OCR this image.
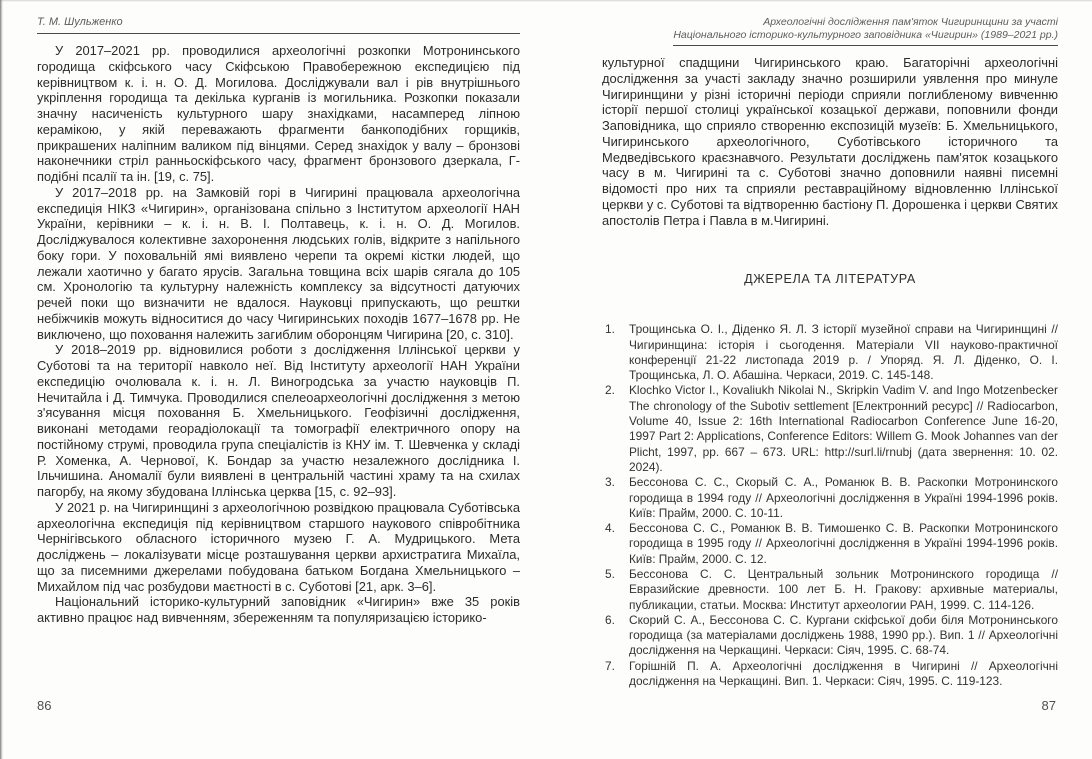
Т. М. Шульженко

У 2017–2021 рр. проводилися археологічні розкопки Мотронинського городища скіфського часу Скіфською Правобережною експедицією під керівництвом к. і. н. О. Д. Могилова. Досліджували вал і рів внутрішнього укріплення городища та декілька курганів із могильника. Розкопки показали значну насиченість культурного шару знахідками, насамперед ліпною керамікою, у якій переважають фрагменти банкоподібних горщиків, прикрашених наліпним валиком під вінцями. Серед знахідок у валу – бронзові наконечники стріл ранньоскіфського часу, фрагмент бронзового дзеркала, Г-подібні псалії та ін. [19, с. 75].

У 2017–2018 рр. на Замковій горі в Чигирині працювала археологічна експедиція НІКЗ «Чигирин», організована спільно з Інститутом археології НАН України, керівники – к. і. н. В. І. Полтавець, к. і. н. О. Д. Могилов. Досліджувалося колективне захоронення людських голів, відкрите з напільного боку гори. У поховальній ямі виявлено черепи та окремі кістки людей, що лежали хаотично у багато ярусів. Загальна товщина всіх шарів сягала до 105 см. Хронологію та культурну належність комплексу за відсутності датуючих речей поки що визначити не вдалося. Науковці припускають, що рештки небіжчиків можуть відноситися до часу Чигиринських походів 1677–1678 рр. Не виключено, що поховання належить загиблим оборонцям Чигирина [20, с. 310].

У 2018–2019 рр. відновилися роботи з дослідження Іллінської церкви у Суботові та на території навколо неї. Від Інституту археології НАН України експедицію очолювала к. і. н. Л. Виногродська за участю науковців П. Нечитайла і Д. Тимчука. Проводилися спелеоархеологічні дослідження з метою з'ясування місця поховання Б. Хмельницького. Геофізичні дослідження, виконані методами георадіолокації та томографії електричного опору на постійному струмі, проводила група спеціалістів із КНУ ім. Т. Шевченка у складі Р. Хоменка, А. Чернової, К. Бондар за участю незалежного дослідника І. Ільчишина. Аномалії були виявлені в центральній частині храму та на схилах пагорбу, на якому збудована Іллінська церква [15, с. 92–93].

У 2021 р. на Чигиринщині з археологічною розвідкою працювала Суботівська археологічна експедиція під керівництвом старшого наукового співробітника Чернігівського обласного історичного музею Г. А. Мудрицького. Мета досліджень – локалізувати місце розташування церкви архистратига Михаїла, що за писемними джерелами побудована батьком Богдана Хмельницького – Михайлом під час розбудови маєтності в с. Суботові [21, арк. 3–6].

Національний історико-культурний заповідник «Чигирин» вже 35 років активно працює над вивченням, збереженням та популяризацією історико-

86
Археологічні дослідження пам'яток Чигиринщини за участі
Національного історико-культурного заповідника «Чигирин» (1989–2021 рр.)

культурної спадщини Чигиринського краю. Багаторічні археологічні дослідження за участі закладу значно розширили уявлення про минуле Чигиринщини у різні історичні періоди сприяли поглибленому вивченню історії першої столиці української козацької держави, поповнили фонди Заповідника, що сприяло створенню експозицій музеїв: Б. Хмельницького, Чигиринського археологічного, Суботівського історичного та Медведівського краєзнавчого. Результати досліджень пам'яток козацького часу в м. Чигирині та с. Суботові значно доповнили наявні писемні відомості про них та сприяли реставраційному відновленню Іллінської церкви у с. Суботові та відтворенню бастіону П. Дорошенка і церкви Святих апостолів Петра і Павла в м.Чигирині.

ДЖЕРЕЛА ТА ЛІТЕРАТУРА
1.	Трощинська О. І., Діденко Я. Л. З історії музейної справи на Чигиринщині // Чигиринщина: історія і сьогодення. Матеріали VII науково-практичної конференції 21-22 листопада 2019 р. / Упоряд. Я. Л. Діденко, О. І. Трощинська, Л. О. Абашіна. Черкаси, 2019. С. 145-148.
2.	Klochko Victor I., Kovaliukh Nikolai N., Skripkin Vadim V. and Ingo Motzenbecker The chronology of the Subotiv settlement [Електронний ресурс] // Radiocarbon, Volume 40, Issue 2: 16th International Radiocarbon Conference June 16-20, 1997 Part 2: Applications, Conference Editors: Willem G. Mook Johannes van der Plicht, 1997, pp. 667 – 673. URL: http://surl.li/rnubj (дата звернення: 10. 02. 2024).
3.	Бессонова С. С., Скорый С. А., Романюк В. В. Раскопки Мотронинского городища в 1994 году // Археологічні дослідження в Україні 1994-1996 років. Київ: Прайм, 2000. С. 10-11.
4.	Бессонова С. С., Романюк В. В. Тимошенко С. В. Раскопки Мотронинского городища в 1995 году // Археологічні дослідження в Україні 1994-1996 років. Київ: Прайм, 2000. С. 12.
5.	Бессонова С. С. Центральный зольник Мотронинского городища // Евразийские древности. 100 лет Б. Н. Гракову: архивные материалы, публикации, статьи. Москва: Институт археологии РАН, 1999. С. 114-126.
6.	Скорий С. А., Бессонова С. С. Кургани скіфської доби біля Мотронинського городища (за матеріалами досліджень 1988, 1990 рр.). Вип. 1 // Археологічні дослідження на Черкащині. Черкаси: Сіяч, 1995. С. 68-74.
7.	Горішній П. А. Археологічні дослідження в Чигирині // Археологічні дослідження на Черкащині. Вип. 1. Черкаси: Сіяч, 1995. С. 119-123.
87
